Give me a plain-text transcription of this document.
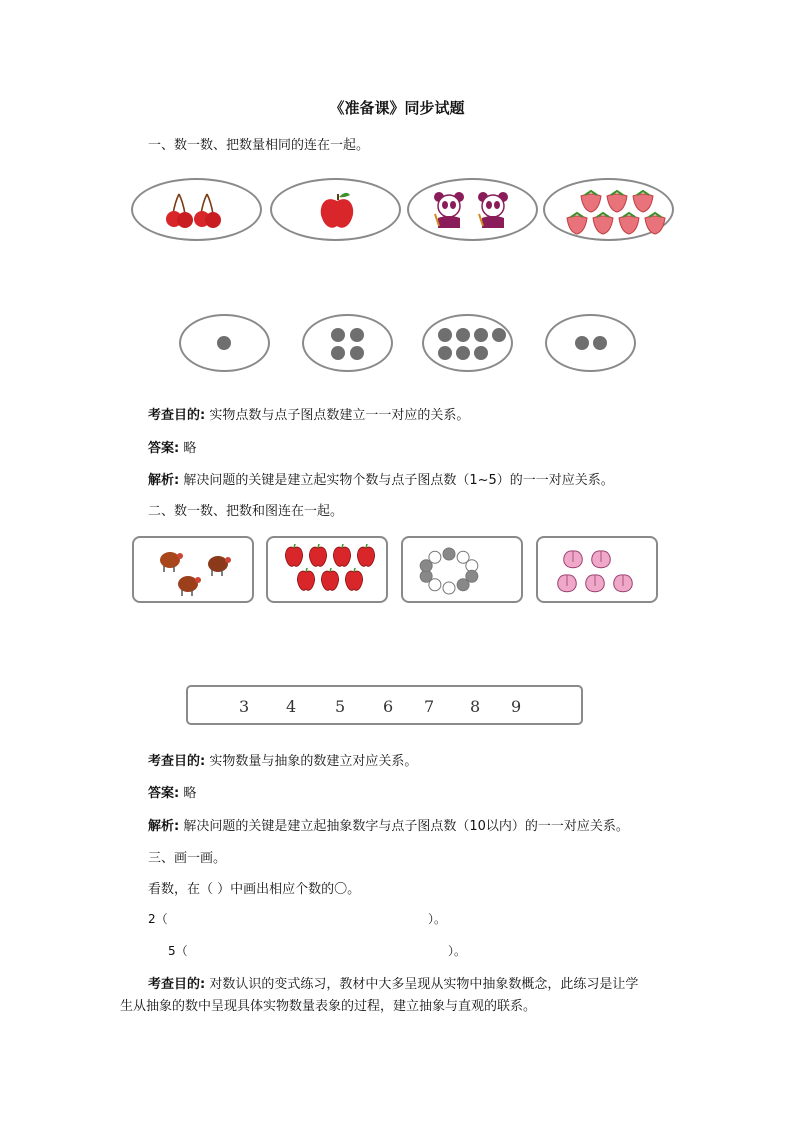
《准备课》同步试题
一、数一数、把数量相同的连在一起。
考查目的: 实物点数与点子图点数建立一一对应的关系。
答案: 略
解析: 解决问题的关键是建立起实物个数与点子图点数（1~5）的一一对应关系。
二、数一数、把数和图连在一起。
3 4 5 6 7 8 9
考查目的: 实物数量与抽象的数建立对应关系。
答案: 略
解析: 解决问题的关键是建立起抽象数字与点子图点数（10以内）的一一对应关系。
三、画一画。
看数，在（ ）中画出相应个数的〇。
2（	）。
5（	）。
考查目的: 对数认识的变式练习，教材中大多呈现从实物中抽象数概念，此练习是让学
生从抽象的数中呈现具体实物数量表象的过程，建立抽象与直观的联系。
